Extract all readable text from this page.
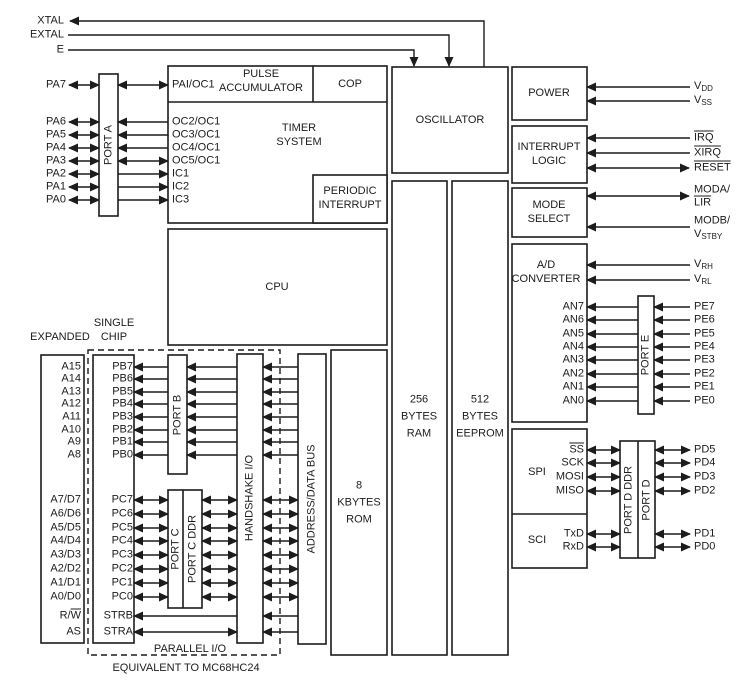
XTAL
EXTAL
E
PA7
PA6
PA5
PA4
PA3
PA2
PA1
PA0
PORT A
PAI/OC1
OC2/OC1
OC3/OC1
OC4/OC1
OC5/OC1
IC1
IC2
IC3
PULSE
ACCUMULATOR	COP
TIMER
SYSTEM
PERIODIC
INTERRUPT
CPU
OSCILLATOR
POWER
INTERRUPT
LOGIC
MODE
SELECT
A/D
CONVERTER
SPI
SCI
256
BYTES
RAM
512
BYTES
EEPROM
8
KBYTES
ROM
$V_{DD}$
$V_{SS}$
$\overline{IRQ}$
XIRQ
RESET
MODA/
$\overline{LIR}$
MODB/
$V_{STBY}$
$V_{RH}$
$V_{RL}$
AN7
AN6
AN5
AN4
AN3
AN2
AN1
AN0
PORT E
PE7
PE6
PE5
PE4
PE3
PE2
PE1
PE0
$\overline{SS}$
SCK
MOSI
MISO
TxD
RxD
PORT D DDR PORT D
PD5
PD4
PD3
PD2
PD1
PD0
EXPANDED
SINGLE
CHIP
A15
A14
A13
A12
A11
A10
A9
A8
A7/D7
A6/D6
A5/D5
A4/D4
A3/D3
A2/D2
A1/D1
A0/D0
$R/\overline{W}$
AS
PB7
PB6
PB5
PB4
PB3
PB2
PB1
PB0
PC7
PC6
PC5
PC4
PC3
PC2
PC1
PC0
STRB
STRA
PORT B
PORT C PORT C DDR
HANDSHAKE I/O	ADDRESS/DATA BUS
PARALLEL I/O
EQUIVALENT TO MC68HC24
